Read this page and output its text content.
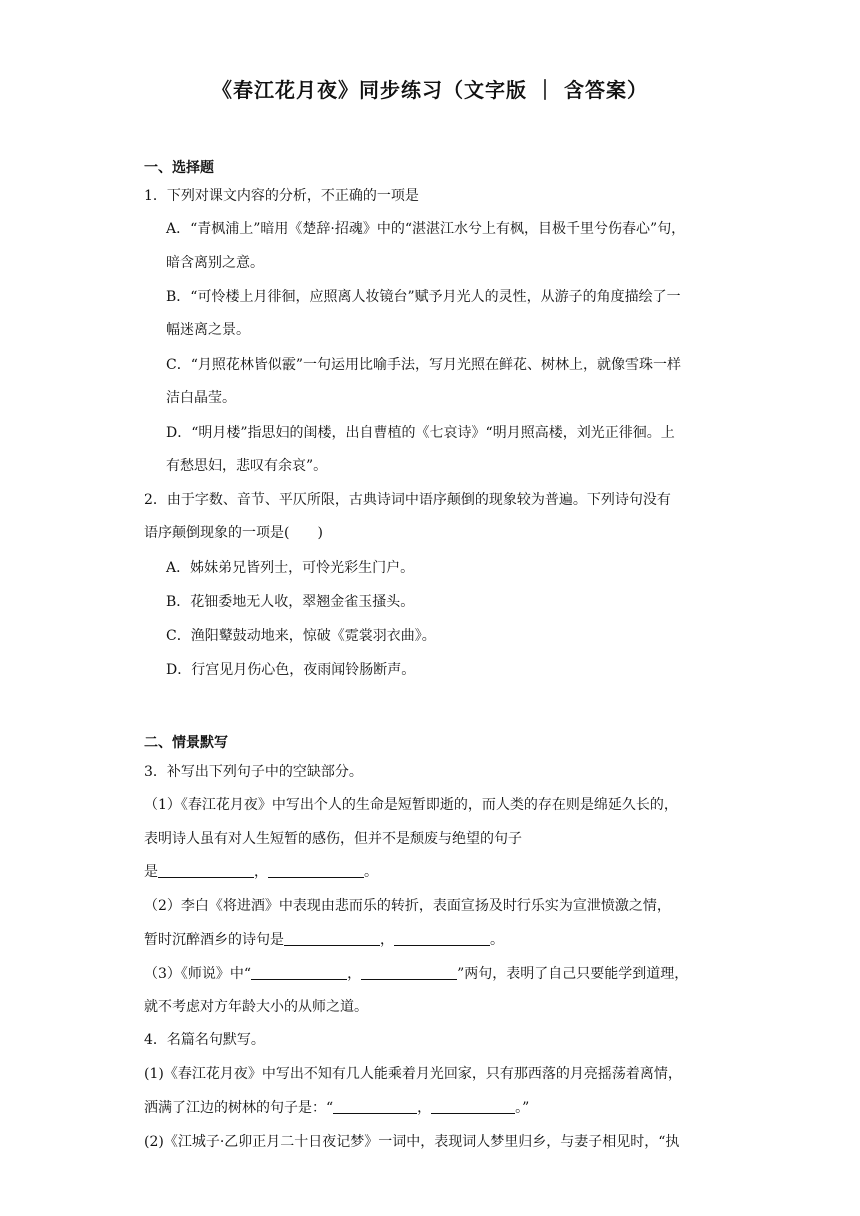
《春江花月夜》同步练习（文字版 ｜ 含答案）
一、选择题
1．下列对课文内容的分析，不正确的一项是
A．“青枫浦上”暗用《楚辞·招魂》中的“湛湛江水兮上有枫，目极千里兮伤春心”句，
暗含离别之意。
B．“可怜楼上月徘徊，应照离人妆镜台”赋予月光人的灵性，从游子的角度描绘了一
幅迷离之景。
C．“月照花林皆似霰”一句运用比喻手法，写月光照在鲜花、树林上，就像雪珠一样
洁白晶莹。
D．“明月楼”指思妇的闺楼，出自曹植的《七哀诗》“明月照高楼，刘光正徘徊。上
有愁思妇，悲叹有余哀”。
2．由于字数、音节、平仄所限，古典诗词中语序颠倒的现象较为普遍。下列诗句没有
语序颠倒现象的一项是(　　)
A．姊妹弟兄皆列士，可怜光彩生门户。
B．花钿委地无人收，翠翘金雀玉搔头。
C．渔阳鼙鼓动地来，惊破《霓裳羽衣曲》。
D．行宫见月伤心色，夜雨闻铃肠断声。
二、情景默写
3．补写出下列句子中的空缺部分。
（1）《春江花月夜》中写出个人的生命是短暂即逝的，而人类的存在则是绵延久长的，
表明诗人虽有对人生短暂的感伤，但并不是颓废与绝望的句子
是	，	。
（2）李白《将进酒》中表现由悲而乐的转折，表面宣扬及时行乐实为宣泄愤激之情，
暂时沉醉酒乡的诗句是	，	。
（3）《师说》中“	，	”两句，表明了自己只要能学到道理，
就不考虑对方年龄大小的从师之道。
4．名篇名句默写。
(1)《春江花月夜》中写出不知有几人能乘着月光回家，只有那西落的月亮摇荡着离情，
洒满了江边的树林的句子是：“	，	。”
(2)《江城子·乙卯正月二十日夜记梦》一词中，表现词人梦里归乡，与妻子相见时，“执
